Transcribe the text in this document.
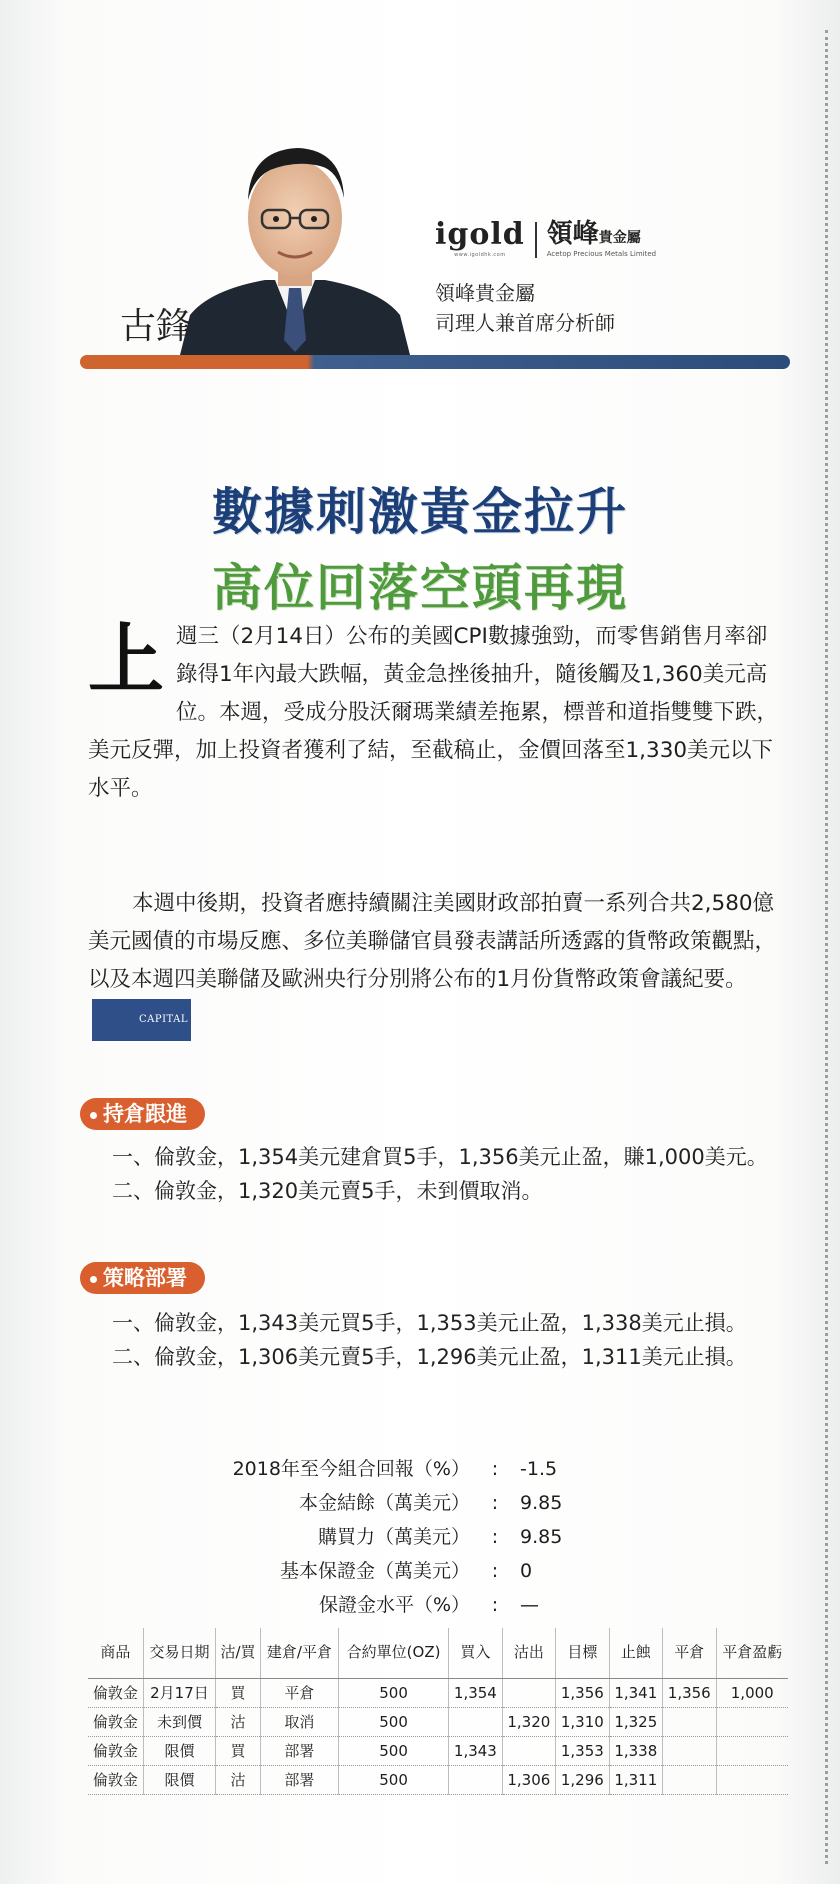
古鋒
igold
www.igoldhk.com
領峰貴金屬
Acetop Precious Metals Limited
領峰貴金屬
司理人兼首席分析師
數據刺激黃金拉升
高位回落空頭再現
上 週三（2月14日）公布的美國CPI數據強勁，而零售銷售月率卻錄得1年內最大跌幅，黃金急挫後抽升，隨後觸及1,360美元高位。本週，受成分股沃爾瑪業績差拖累，標普和道指雙雙下跌，美元反彈，加上投資者獲利了結，至截稿止，金價回落至1,330美元以下水平。
本週中後期，投資者應持續關注美國財政部拍賣一系列合共2,580億美元國債的市場反應、多位美聯儲官員發表講話所透露的貨幣政策觀點，以及本週四美聯儲及歐洲央行分別將公布的1月份貨幣政策會議紀要。CAPITAL
持倉跟進
一、倫敦金，1,354美元建倉買5手，1,356美元止盈，賺1,000美元。
二、倫敦金，1,320美元賣5手，未到價取消。
策略部署
一、倫敦金，1,343美元買5手，1,353美元止盈，1,338美元止損。
二、倫敦金，1,306美元賣5手，1,296美元止盈，1,311美元止損。
2018年至今組合回報（%）	:	-1.5
本金結餘（萬美元）	:	9.85
購買力（萬美元）	:	9.85
基本保證金（萬美元）	:	0
保證金水平（%）	:	—
商品	交易日期	沽/買	建倉/平倉	合約單位(OZ)	買入	沽出	目標	止蝕	平倉	平倉盈虧
倫敦金	2月17日	買	平倉	500	1,354		1,356	1,341	1,356	1,000
倫敦金	未到價	沽	取消	500		1,320	1,310	1,325		
倫敦金	限價	買	部署	500	1,343		1,353	1,338		
倫敦金	限價	沽	部署	500		1,306	1,296	1,311		
